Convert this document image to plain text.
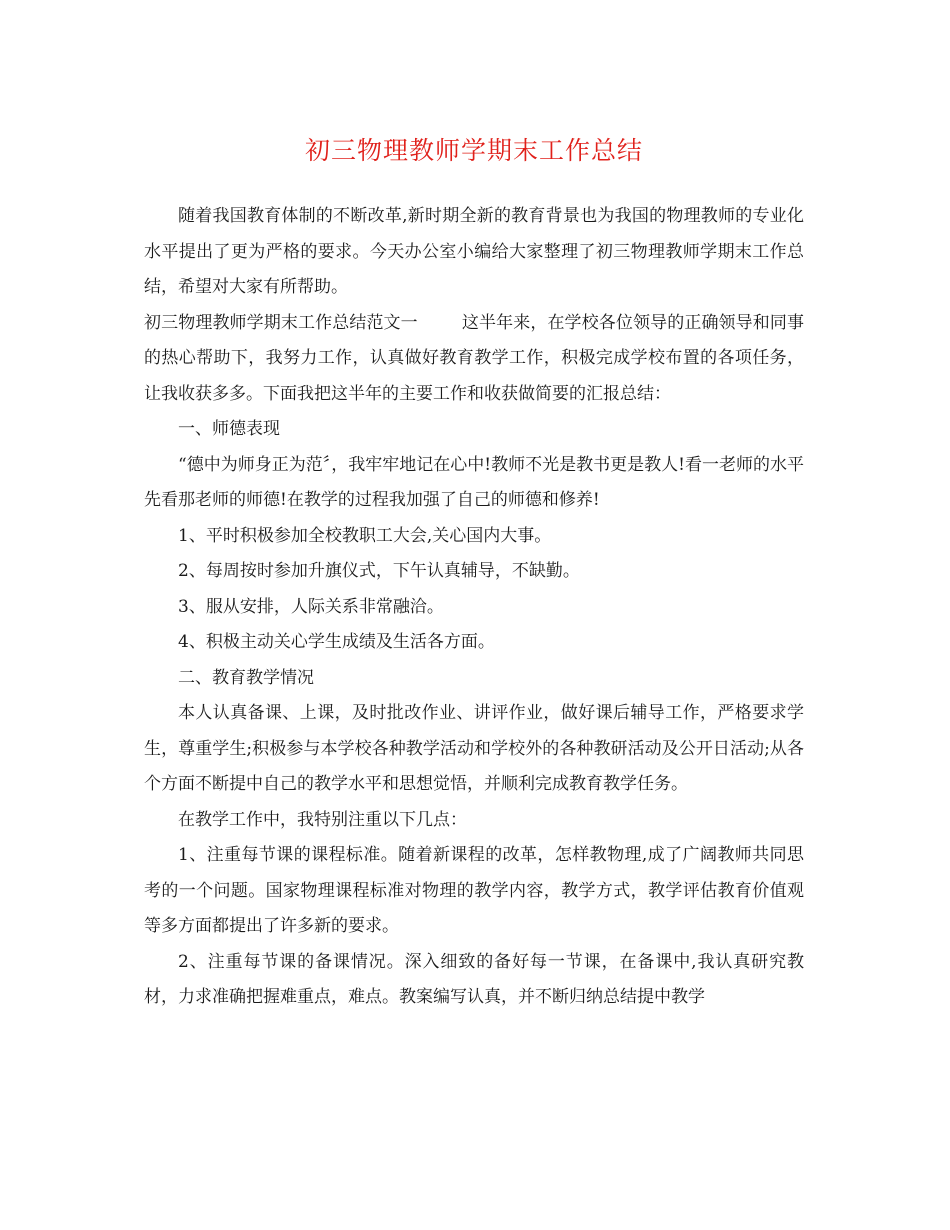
初三物理教师学期末工作总结

随着我国教育体制的不断改革,新时期全新的教育背景也为我国的物理教师的专业化水平提出了更为严格的要求。今天办公室小编给大家整理了初三物理教师学期末工作总结，希望对大家有所帮助。

初三物理教师学期末工作总结范文一	这半年来，在学校各位领导的正确领导和同事的热心帮助下，我努力工作，认真做好教育教学工作，积极完成学校布置的各项任务，让我收获多多。下面我把这半年的主要工作和收获做简要的汇报总结：

一、师德表现

“德中为师身正为范〞，我牢牢地记在心中!教师不光是教书更是教人!看一老师的水平先看那老师的师德!在教学的过程我加强了自己的师德和修养!

1、平时积极参加全校教职工大会,关心国内大事。

2、每周按时参加升旗仪式，下午认真辅导，不缺勤。

3、服从安排，人际关系非常融洽。

4、积极主动关心学生成绩及生活各方面。

二、教育教学情况

本人认真备课、上课，及时批改作业、讲评作业，做好课后辅导工作，严格要求学生，尊重学生;积极参与本学校各种教学活动和学校外的各种教研活动及公开日活动;从各个方面不断提中自己的教学水平和思想觉悟，并顺利完成教育教学任务。

在教学工作中，我特别注重以下几点：

1、注重每节课的课程标准。随着新课程的改革，怎样教物理,成了广阔教师共同思考的一个问题。国家物理课程标准对物理的教学内容，教学方式，教学评估教育价值观等多方面都提出了许多新的要求。

2、注重每节课的备课情况。深入细致的备好每一节课，在备课中,我认真研究教材，力求准确把握难重点，难点。教案编写认真，并不断归纳总结提中教学
